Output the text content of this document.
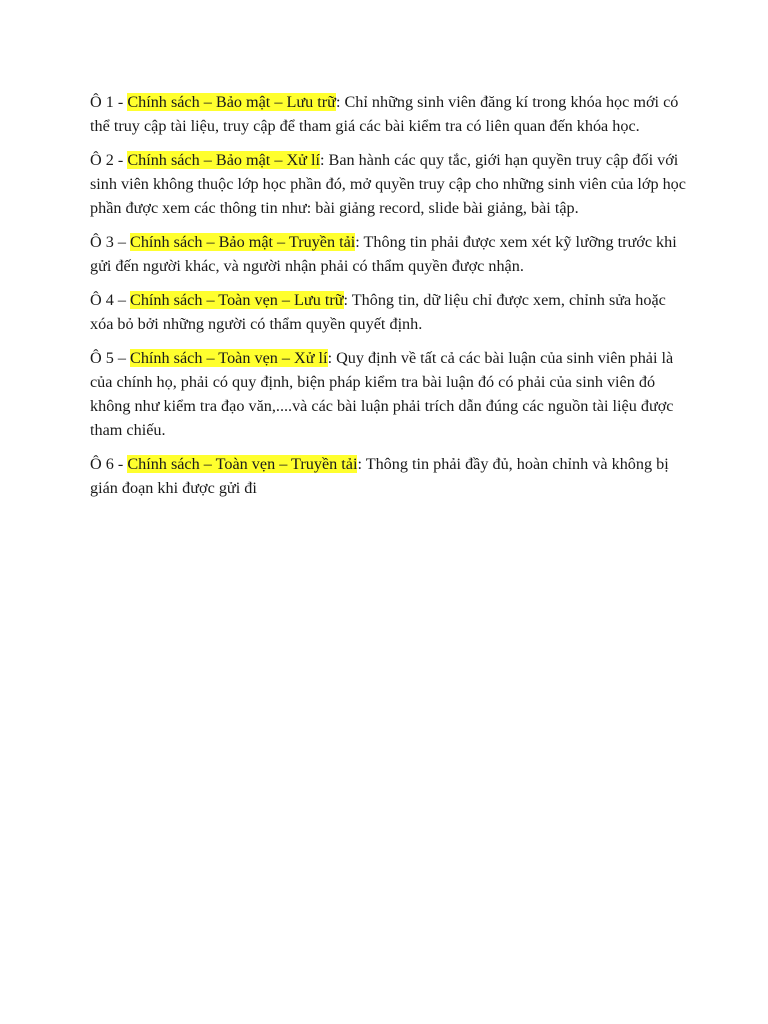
Ô 1 - Chính sách – Bảo mật – Lưu trữ: Chỉ những sinh viên đăng kí trong khóa học mới có thể truy cập tài liệu, truy cập để tham giá các bài kiểm tra có liên quan đến khóa học.

Ô 2 - Chính sách – Bảo mật – Xử lí: Ban hành các quy tắc, giới hạn quyền truy cập đối với sinh viên không thuộc lớp học phần đó, mở quyền truy cập cho những sinh viên của lớp học phần được xem các thông tin như: bài giảng record, slide bài giảng, bài tập.

Ô 3 – Chính sách – Bảo mật – Truyền tải: Thông tin phải được xem xét kỹ lưỡng trước khi gửi đến người khác, và người nhận phải có thẩm quyền được nhận.

Ô 4 – Chính sách – Toàn vẹn – Lưu trữ: Thông tin, dữ liệu chỉ được xem, chỉnh sửa hoặc xóa bỏ bởi những người có thẩm quyền quyết định.

Ô 5 – Chính sách – Toàn vẹn – Xử lí: Quy định về tất cả các bài luận của sinh viên phải là của chính họ, phải có quy định, biện pháp kiểm tra bài luận đó có phải của sinh viên đó không như kiểm tra đạo văn,....và các bài luận phải trích dẫn đúng các nguồn tài liệu được tham chiếu.

Ô 6 - Chính sách – Toàn vẹn – Truyền tải: Thông tin phải đầy đủ, hoàn chỉnh và không bị gián đoạn khi được gửi đi
